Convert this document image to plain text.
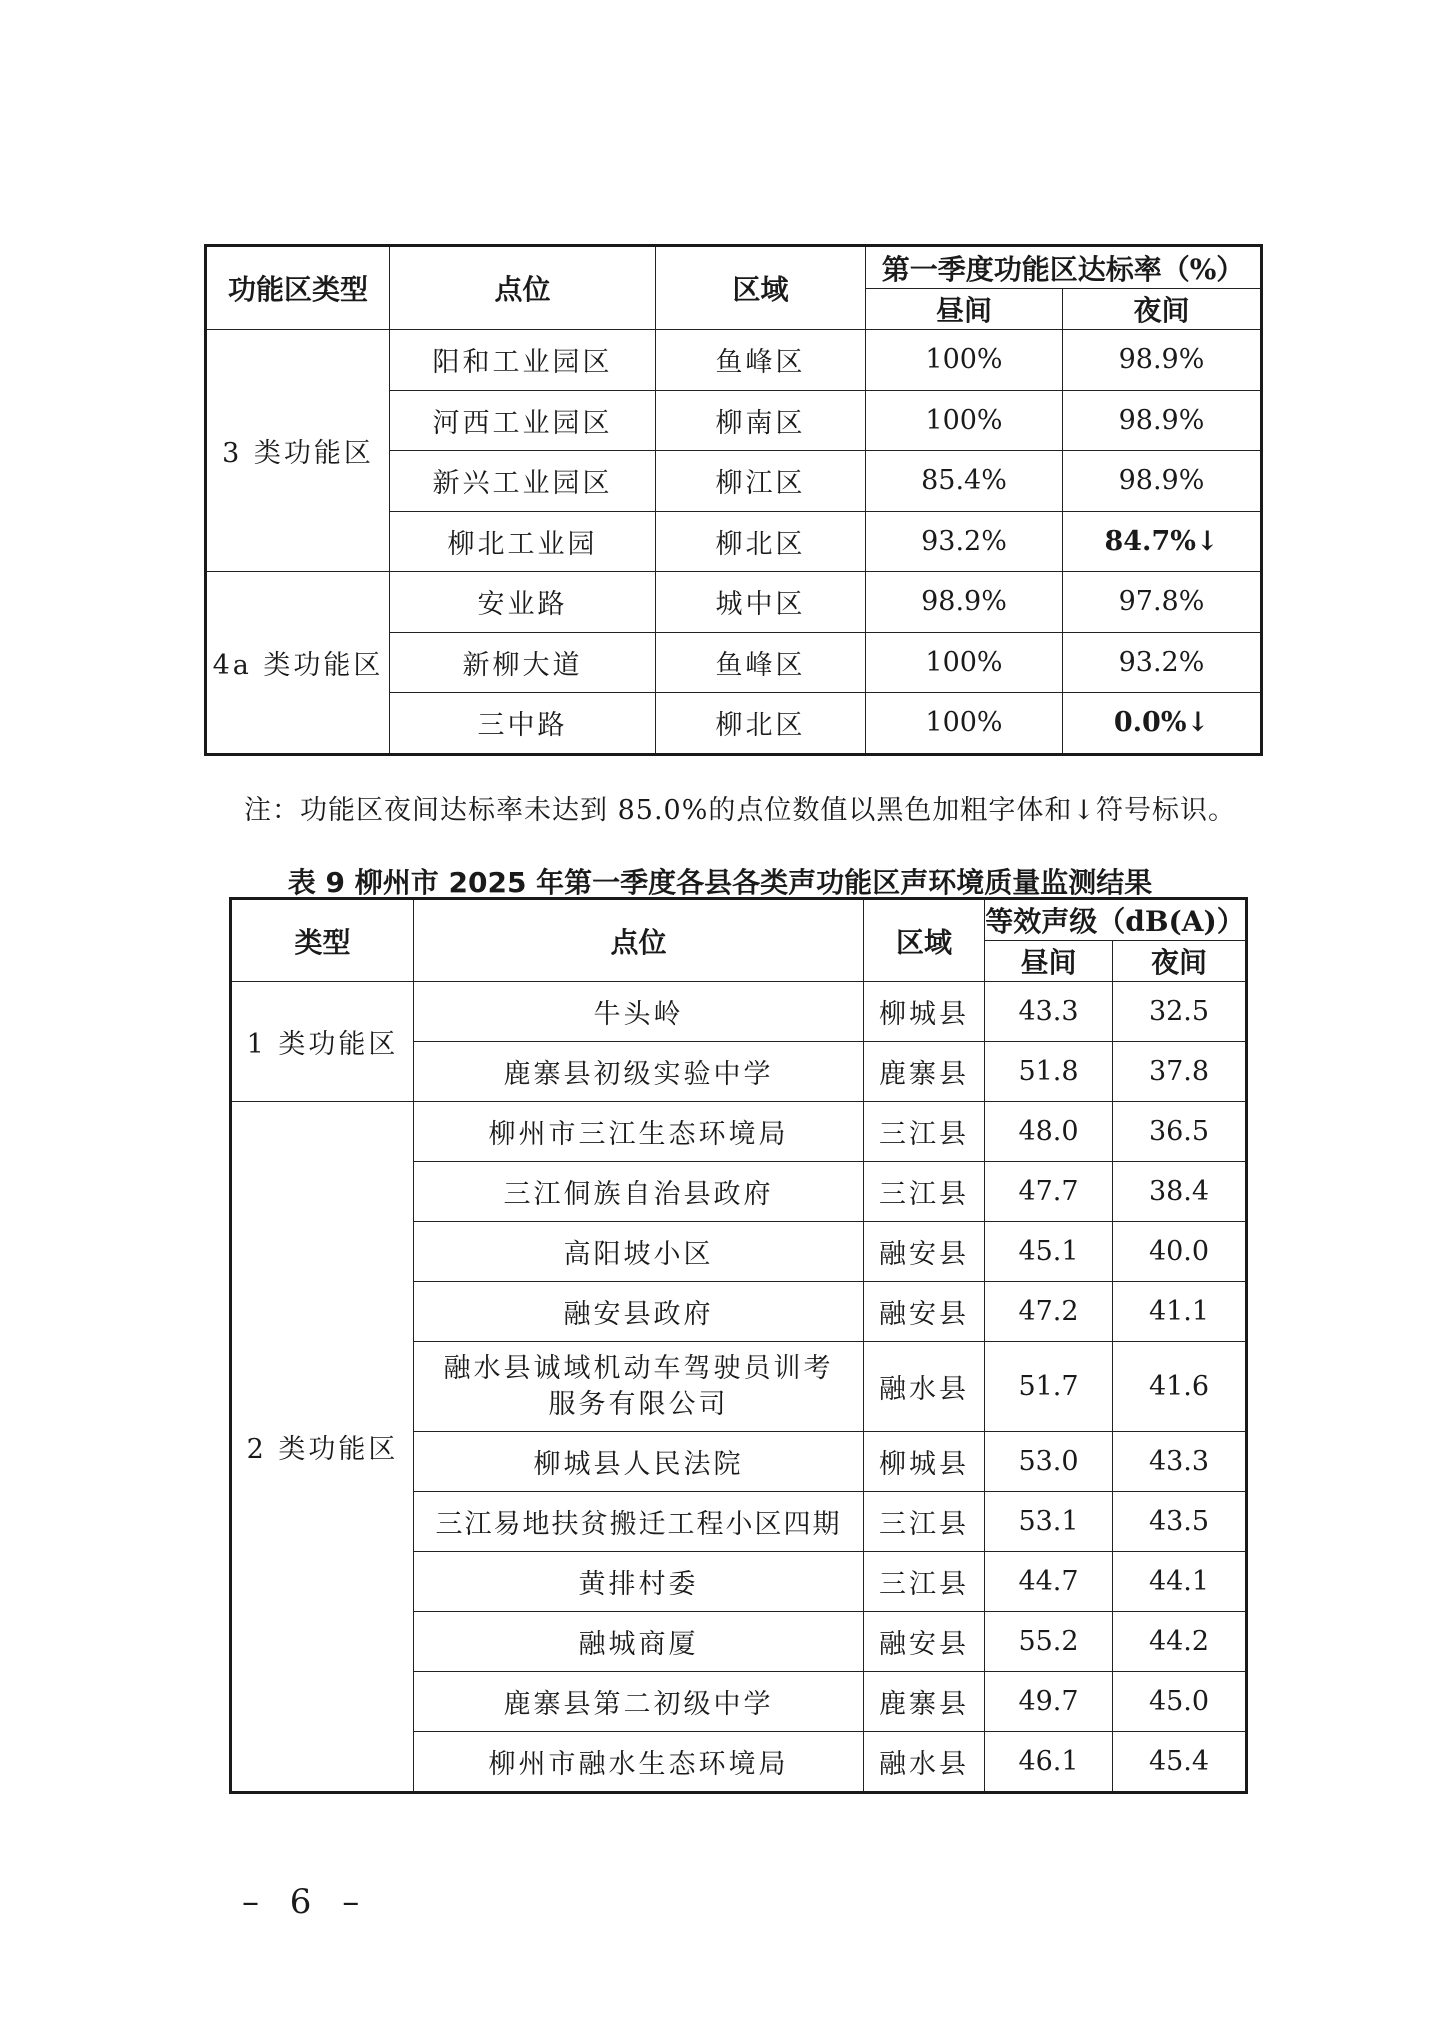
功能区类型	点位	区域	第一季度功能区达标率（%）	
			昼间	夜间
3 类功能区	阳和工业园区	鱼峰区	100%	98.9%
	河西工业园区	柳南区	100%	98.9%
	新兴工业园区	柳江区	85.4%	98.9%
	柳北工业园	柳北区	93.2%	84.7%↓
4a 类功能区	安业路	城中区	98.9%	97.8%
	新柳大道	鱼峰区	100%	93.2%
	三中路	柳北区	100%	0.0%↓
注：功能区夜间达标率未达到 85.0%的点位数值以黑色加粗字体和↓符号标识。
表 9 柳州市 2025 年第一季度各县各类声功能区声环境质量监测结果
类型	点位	区域	等效声级（dB(A)）	
			昼间	夜间
1 类功能区	牛头岭	柳城县	43.3	32.5
	鹿寨县初级实验中学	鹿寨县	51.8	37.8
2 类功能区	柳州市三江生态环境局	三江县	48.0	36.5
	三江侗族自治县政府	三江县	47.7	38.4
	高阳坡小区	融安县	45.1	40.0
	融安县政府	融安县	47.2	41.1
	融水县诚域机动车驾驶员训考
服务有限公司	融水县	51.7	41.6
	柳城县人民法院	柳城县	53.0	43.3
	三江易地扶贫搬迁工程小区四期	三江县	53.1	43.5
	黄排村委	三江县	44.7	44.1
	融城商厦	融安县	55.2	44.2
	鹿寨县第二初级中学	鹿寨县	49.7	45.0
	柳州市融水生态环境局	融水县	46.1	45.4
– 6 –
